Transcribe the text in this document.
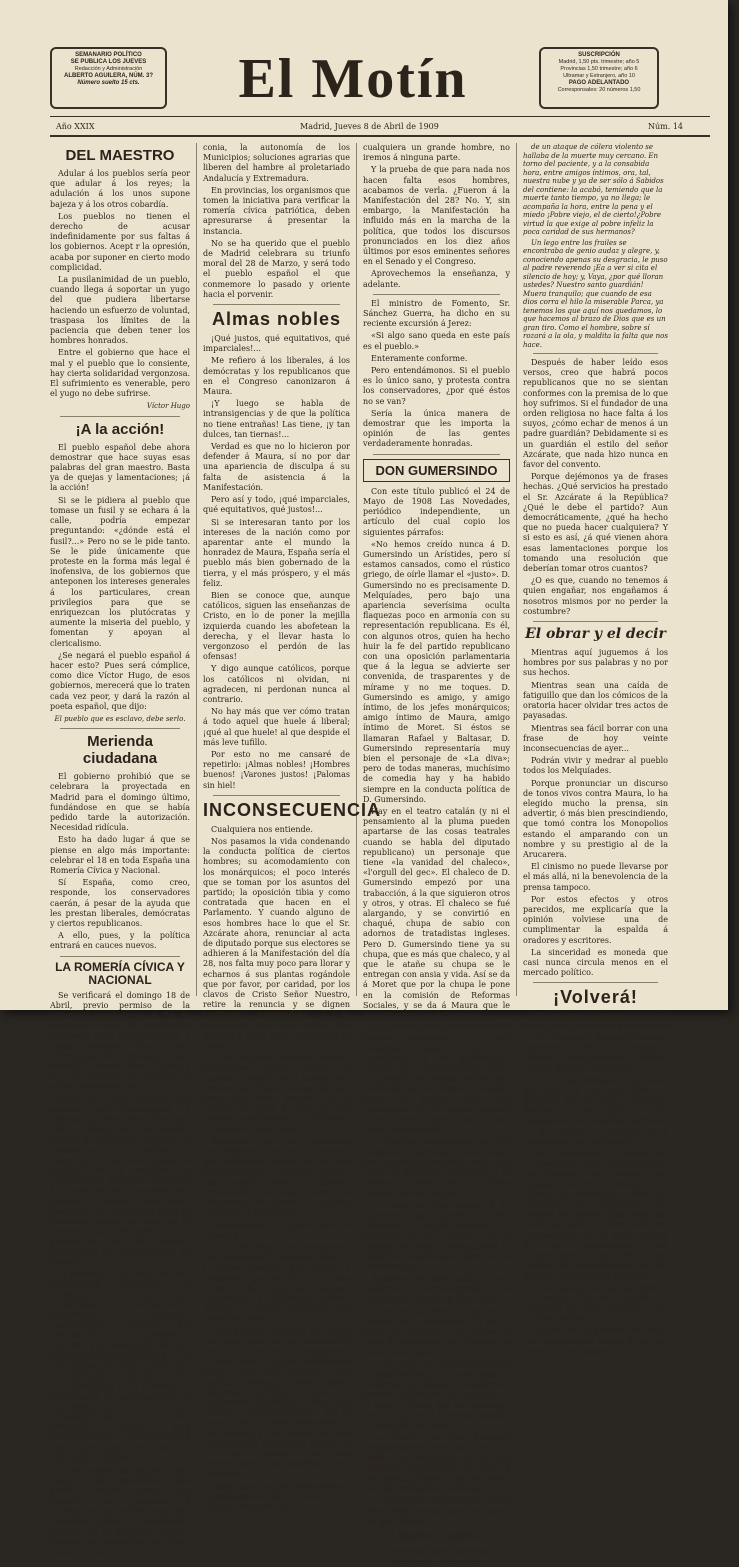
SEMANARIO POLÍTICO
SE PUBLICA LOS JUEVES
Redacción y Administración
ALBERTO AGUILERA, NÚM. 3?
Número suelto 15 cts.	El Motín	SUSCRIPCIÓN
Madrid, 1,50 pts. trimestre; año 5
Provincias 1,50 trimestre; año 6
Ultramar y Extranjero, año 10
PAGO ADELANTADO
Corresponsales: 20 números 1,50
Año XXIX	Madrid, Jueves 8 de Abril de 1909	Núm. 14
DEL MAESTRO

Adular á los pueblos sería peor que adular á los reyes; la adulación á los unos supone bajeza y á los otros cobardía.

Los pueblos no tienen el derecho de acusar indefinidamente por sus faltas á los gobiernos. Acept r la opresión, acaba por suponer en cierto modo complicidad.

La pusilanimidad de un pueblo, cuando llega á soportar un yugo del que pudiera libertarse haciendo un esfuerzo de voluntad, traspasa los límites de la paciencia que deben tener los hombres honrados.

Entre el gobierno que hace el mal y el pueblo que lo consiente, hay cierta solidaridad vergonzosa. El sufrimiento es venerable, pero el yugo no debe sufrirse.

Víctor Hugo
¡A la acción!

El pueblo español debe ahora demostrar que hace suyas esas palabras del gran maestro. Basta ya de quejas y lamentaciones; ¡á la acción!

Si se le pidiera al pueblo que tomase un fusil y se echara á la calle, podría empezar preguntando: «¿dónde está el fusil?...» Pero no se le pide tanto. Se le pide únicamente que proteste en la forma más legal é inofensiva, de los gobiernos que anteponen los intereses generales á los particulares, crean privilegios para que se enriquezcan los plutócratas y aumente la miseria del pueblo, y fomentan y apoyan al clericalismo.

¿Se negará el pueblo español á hacer esto? Pues será cómplice, como dice Víctor Hugo, de esos gobiernos, merecerá que lo traten cada vez peor, y dará la razón al poeta español, que dijo:

El pueblo que es esclavo, debe serlo.
Merienda ciudadana

El gobierno prohibió que se celebrara la proyectada en Madrid para el domingo último, fundándose en que se había pedido tarde la autorización. Necesidad ridícula.

Esto ha dado lugar á que se piense en algo más importante: celebrar el 18 en toda España una Romería Cívica y Nacional.

Sí España, como creo, responde, los conservadores caerán, á pesar de la ayuda que les prestan liberales, demócratas y ciertos republicanos.

A ello, pues, y la política entrará en cauces nuevos.

LA ROMERÍA CÍVICA Y NACIONAL

Se verificará el domingo 18 de Abril, previo permiso de la autoridad competente. A fin de obtenerlo con la antelación necesaria para la propaganda y evitar pretexto, hoy mismo entregarán los diputados por Madrid D. Benito Pérez Galdós y D. Luis Morote la solicitud al señor gobernador civil.

Como por feliz iniciativa del senador por Guadalajara y diputado por Barcelona, don Juan Sol y Ortega, por indicaciones hechas de distintas ciudades, la romería se ha de verificar el mismo día 18 en toda España, la solicitud se ha ampliado la convocatoria, señalando dos fines á la romería cívica nacional: uno general ó español; otro local, madrileño. El segundo es pedir al Gobierno inspire sus actos, en lo relativo al Canal de Isabel II, en la proposición de la minoría republicana del Ayuntamiento de Madrid.

El primero, el nacional, es este: PROTESTAR CONTRA LA CONDUCTA POLÍTICA DEL GOBIERNO, LA CONSTANTE INVASIÓN CLERICAL TRIUNFANTE, CONTRA SU TENDENCIA REACCIONARIA Y CONTRA LOS PRIVILEGIOS QUE INJUSTAMENTE DISPENSA A LA PLUTOCRACIA CON DAÑO DE LA CULTURA, LA PRODUCCIÓN, EL COMERCIO Y EL TRABAJO, Y RECLAMAR LA ABROGACIÓN Ó REFORMA DE LA LEY DE JURISDICCIONES Y UNA AMNISTÍA PARA LOS PROCESADOS Y CONDENADOS POR DELITOS DE ÍNDOLE POLÍTICA Ó SOCIAL.

A esta aspiración nacional, cada región, cada provincia, cada pueblo, añadirá, como hace Madrid, una protesta ó reclamación de índole local. Así, Barcelona pedirá la aprobación del acta de su diputado Lerroux; Galicia, la redención de foros; Navarra y Vas-

conia, la autonomía de los Municipios; soluciones agrarias que liberen del hambre al proletariado Andalucía y Extremadura.

En provincias, los organismos que tomen la iniciativa para verificar la romería cívica patriótica, deben apresurarse á presentar la instancia.

No se ha querido que el pueblo de Madrid celebrara su triunfo moral del 28 de Marzo, y será todo el pueblo español el que conmemore lo pasado y oriente hacia el porvenir.

Almas nobles

¡Qué justos, qué equitativos, qué imparciales!...

Me refiero á los liberales, á los demócratas y los republicanos que en el Congreso canonizaron á Maura.

¡Y luego se habla de intransigencias y de que la política no tiene entrañas! Las tiene, ¡y tan dulces, tan tiernas!...

Verdad es que no lo hicieron por defender á Maura, sí no por dar una apariencia de disculpa á su falta de asistencia á la Manifestación.

Pero así y todo, ¡qué imparciales, qué equitativos, qué justos!...

Si se interesaran tanto por los intereses de la nación como por aparentar ante el mundo la honradez de Maura, España sería el pueblo más bien gobernado de la tierra, y el más próspero, y el más feliz.

Bien se conoce que, aunque católicos, siguen las enseñanzas de Cristo, en lo de poner la mejilla izquierda cuando les abofetean la derecha, y el llevar hasta lo vergonzoso el perdón de las ofensas!

Y digo aunque católicos, porque los católicos ni olvidan, ni agradecen, ni perdonan nunca al contrario.

No hay más que ver cómo tratan á todo aquel que huele á liberal; ¡qué al que huele! al que despide el más leve tufillo.

Por esto no me cansaré de repetirlo: ¡Almas nobles! ¡Hombres buenos! ¡Varones justos! ¡Palomas sin hiel!

INCONSECUENCIA

Cualquiera nos entiende.

Nos pasamos la vida condenando la conducta política de ciertos hombres; su acomodamiento con los monárquicos; el poco interés que se toman por los asuntos del partido; la oposición tibia y como contratada que hacen en el Parlamento. Y cuando alguno de esos hombres hace lo que el Sr. Azcárate ahora, renunciar al acta de diputado porque sus electores se adhieren á la Manifestación del día 28, nos falta muy poco para llorar y echarnos á sus plantas rogándole que por favor, por caridad, por los clavos de Cristo Señor Nuestro, retire la renuncia y se dignen continuar prestándole á la monarquía todo el apoyo que quieran y en la forma que les dé la gana.

Y los adjetivos honrado, eximio, integérrimo, sabio, gloria de España y orgullo de la humanidad, chocan, se cruzan, vuelan de aquí para allá, hasta posarse en la cabeza de aquel á quien en día anterior aplicábamos el calificativo de traidor ó poco menos.

Siguiendo con este veleidoso procedimiento, no me extrañaría que sabiésemos algún día ver una Manifestación, en señal de santón, para rogarle que se dignara concedernos la alta honra de escupirnos, en premio á nuestra abyección y servilismo.

Republicanos: un poco más de seriedad.

Si el fetichismo era vergonzoso aun tratándose de hombres como Pí y Margall, Castelar, Ruiz Zorrilla y Salmerón, que al fin y al cabo hicieron algo, ¿qué no resultará aplicándolo á Azcárates, Labras, Álvarez y demás medianías que nada han hecho?

Esos hombres carecen de fuerza real; sólo tienen lo que nosotros les damos. ¿A qué, pues, lamentarnos si nos dejan? ¿Qué hubiéramos tenido valor para echarlos hace mucho tiempo! ¿Qué podía habernos sucedido? ¿Qué no tuviéramos República? Pues así estamos. Pero lamentamos, por lo menos, más fe, más entusiasmo y más energía, y todo lo que son esos hombres han aniquilado; porque si no han podido, con sus irresoluciones, sus cobardías y sus egoísmos.

Hasta que no nos convenzamos completamente de la manía, ó el vicio, de hacer de un

cualquiera un grande hombre, no iremos á ninguna parte.

Y la prueba de que para nada nos hacen falta esos hombres, acabamos de verla. ¿Fueron á la Manifestación del 28? No. Y, sin embargo, la Manifestación ha influido más en la marcha de la política, que todos los discursos pronunciados en los diez años últimos por esos eminentes señores en el Senado y el Congreso.

Aprovechemos la enseñanza, y adelante.

El ministro de Fomento, Sr. Sánchez Guerra, ha dicho en su reciente excursión á Jerez:

«Si algo sano queda en este país es el pueblo.»

Enteramente conforme.

Pero entendámonos. Si el pueblo es lo único sano, y protesta contra los conservadores, ¿por qué éstos no se van?

Sería la única manera de demostrar que les importa la opinión de las gentes verdaderamente honradas.

DON GUMERSINDO

Con este título publicó el 24 de Mayo de 1908 Las Novedades, periódico independiente, un artículo del cual copio los siguientes párrafos:

«No hemos creído nunca á D. Gumersindo un Arístides, pero sí estamos cansados, como el rústico griego, de oírle llamar el «justo». D. Gumersindo no es precisamente D. Melquíades, pero bajo una apariencia severísima oculta flaquezas poco en armonía con su representación republicana. Es él, con algunos otros, quien ha hecho huir la fe del partido republicano con una oposición parlamentaria que á la legua se advierte ser convenida, de trasparentes y de mírame y no me toques. D. Gumersindo es amigo, y amigo íntimo, de los jefes monárquicos; amigo íntimo de Maura, amigo íntimo de Moret. Si éstos se llamaran Rafael y Baltasar, D. Gumersindo representaría muy bien el personaje de «La diva»; pero de todas maneras, muchísimo de comedia hay y ha habido siempre en la conducta política de D. Gumersindo.

Hay en el teatro catalán (y ni el pensamiento al la pluma pueden apartarse de las cosas teatrales cuando se habla del diputado republicano) un personaje que tiene «la vanidad del chaleco», «l'orgull del gec». El chaleco de D. Gumersindo empezó por una trabacción, á la que siguieron otros y otros, y otras. El chaleco se fué alargando, y se convirtió en chaqué, chupa de sabio con adornos de tratadistas ingleses. Pero D. Gumersindo tiene ya su chupa, que es más que chaleco, y al que le atañe su chupa se le entregan con ansia y vida. Así se da á Moret que por la chupa le pone en la comisión de Reformas Sociales, y se da á Maura que le deja discurrir en el Congreso.

La política entre los hombres de partidos extremos, y no hay extremos mayores que el republicano y el monárquico, cuando no es intransigencia feroz, se convierte en blando contubernio. Confesada por él mismo la amistad íntima con Maura, ¿cómo este republicano ha de sentir ardores contra Maura contra todo lo que Maura representa?

El partido republicano ha ido muriendo, muriendo envenenado por los malos ejemplos de estos que antes se llamaban «traidores á la causa» y ahora se les llama «amigos de sus amigos».

En vano es que digáis á D. Gumersindo que la política no tiene entrañas. El seguirá poniendo las ternuras de su corazón en la amistad de Maura y al algo sobre lo cederá los republicanos para que se entretengan.»

Reproducido este artículo, por hallarme completamente de acuerdo con lo que en él se dice.

Sí; el Sr. Azcárate es uno de los sostenes de la monarquía. Si así no fuese, no hubieran ido Maura ni Dato á suplicarle que retirara la renuncia del acta.

En el juego que se traen liberales y conservadores, les hacen falta los Azcárates que hagan en nombre del partido republicano la oposición en el modo y forma que les convenga. Pero lo que es á nosotros, maldita la falta que nos hacen.

La teoría de los hombres indispensables está hoy por los suelos, aun tratándose de los que realmente representan un valor ó una fuerza. ¿Cómo no ha de estarlo para las medianías medianas?

La siguiente composición parece haber sido escrita para demostrar eso que afirmo:

A muertos y á idos...
Un reverendo padre franciscano, guardián de un convento

de un ataque de cólera violento se hallaba de la muerte muy cercano. En torno del paciente, y a la consabida hora, entre amigos íntimos, ora, tal, nuestra nube y ya de ser sólo á Sabidos del contiene: la acabó, temiendo que la muerte tanto tiempo, ya no llega; le acompaña la hora, entre la pena y el miedo ¡Pobre viejo, el de cierto!¿Pobre virtud la que exige al pobre infeliz la poca caridad de sus hermanos?

Un lego entre los frailes se encontraba de genio audaz y alegre, y, conociendo apenas su desgracia, le puso al padre reverendo ¡Ea a ver si cita el silencio de hoy; y, Vaya, ¿por qué lloran ustedes? Nuestro santo guardián! Muera tranquilo; que cuando de esa dios corra el hilo la miserable Parca, ya tenemos los que aquí nos quedamos, lo que hacemos al brazo de Dios que es un gran tiro. Como el hombre, sobre sí rozará a la ola, y maldita la falta que nos hace.

Después de haber leído esos versos, creo que habrá pocos republicanos que no se sientan conformes con la premisa de lo que hoy sufrimos. Si el fundador de una orden religiosa no hace falta á los suyos, ¿cómo echar de menos á un padre guardián? Debidamente si es un guardián el estilo del señor Azcárate, que nada hizo nunca en favor del convento.

Porque dejémonos ya de frases hechas. ¿Qué servicios ha prestado el Sr. Azcárate á la República? ¿Qué le debe el partido? Aun democráticamente, ¿qué ha hecho que no pueda hacer cualquiera? Y si esto es así, ¿á qué vienen ahora esas lamentaciones porque los tomando una resolución que deberían tomar otros cuantos?

¿O es que, cuando no tenemos á quien engañar, nos engañamos á nosotros mismos por no perder la costumbre?

El obrar y el decir

Mientras aquí juguemos á los hombres por sus palabras y no por sus hechos.

Mientras sean una caída de fatiguillo que dan los cómicos de la oratoria hacer olvidar tres actos de payasadas.

Mientras sea fácil borrar con una frase de hoy veinte inconsecuencias de ayer...

Podrán vivir y medrar al pueblo todos los Melquíades.

Porque pronunciar un discurso de tonos vivos contra Maura, lo ha elegido mucho la prensa, sin advertir, ó más bien prescindiendo, que tomó contra los Monopolios estando el amparando con un nombre y su prestigio al de la Arucarera.

El cinismo no puede llevarse por el más allá, ni la benevolencia de la prensa tampoco.

Por estos efectos y otros parecidos, me explicaría que la opinión volviese una de cumplimentar la espalda á oradores y escritores.

La sinceridad es moneda que casi nunca circula menos en el mercado político.

¡Volverá!

¡Oh vosotros, republicanos que lloráis la ausencia del Sr. Azcárate en el Congreso! Enjugad vuestras lágrimas y dad una tregua á vuestra desconsolada noticia: volverá pronto á su escaño!

Sí; en las primeras elecciones que haya, y sea cual fuere el gobierno que las haga, tendrá un distrito, el de León ú otro cualquiera, sin candidato enfrente. Es de justicia. Y además es la costumbre. Casi la tradición.

No se comprende el Congreso sin su presencia. Puede ir funcionando sin Cánovas, sin Castelar, sin Sagasta, sin Pí y Margall, sin Silvela, sin Salmerón... ¿Pero sin Azcárate? ¡No! ¡Imposible! ¡Un hombre tan sesudo, tan serio, tan recto, tan justo, y sobre todo tan complaciente, que lo mismo acepta de los monárquicos una vicepresidencia, que el ánimo ministerial irresponsable, el del Instituto de Reformas Sociales!...

Ya lo sabéis, ¡no tan solemne!... Lo repito: No se concibe el Congreso sin el Sr. Azcárate... Por lo tanto, volverá.

¿Quieso ser el primero en llevar esta consoladora nueva á los que lloran su corta ausencia.
